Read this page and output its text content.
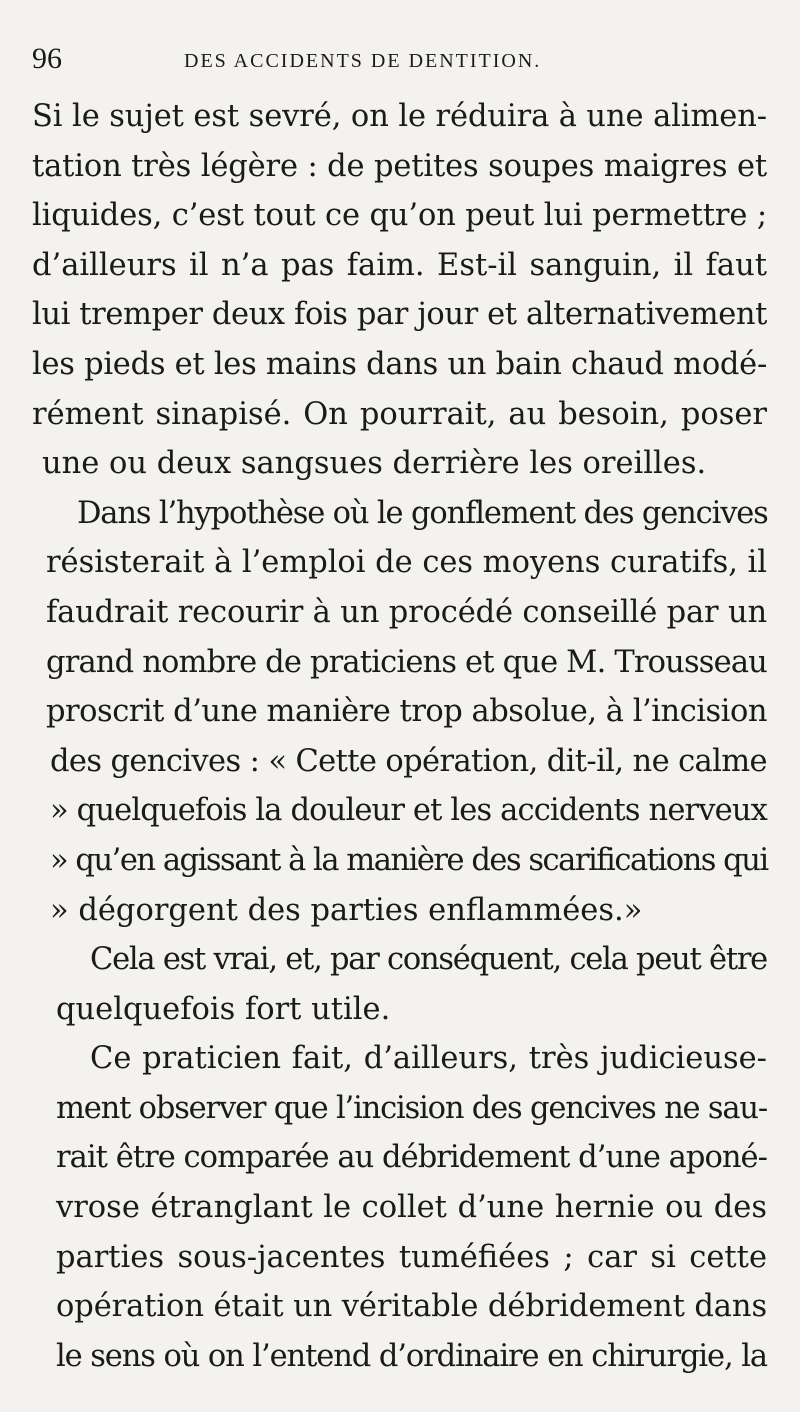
96	DES ACCIDENTS DE DENTITION.
Si le sujet est sevré, on le réduira à une alimen-
tation très légère : de petites soupes maigres et
liquides, c’est tout ce qu’on peut lui permettre ;
d’ailleurs il n’a pas faim. Est-il sanguin, il faut
lui tremper deux fois par jour et alternativement
les pieds et les mains dans un bain chaud modé-
rément sinapisé. On pourrait, au besoin, poser
une ou deux sangsues derrière les oreilles.
Dans l’hypothèse où le gonflement des gencives
résisterait à l’emploi de ces moyens curatifs, il
faudrait recourir à un procédé conseillé par un
grand nombre de praticiens et que M. Trousseau
proscrit d’une manière trop absolue, à l’incision
des gencives : « Cette opération, dit-il, ne calme
» quelquefois la douleur et les accidents nerveux
» qu’en agissant à la manière des scarifications qui
» dégorgent des parties enflammées.»
Cela est vrai, et, par conséquent, cela peut être
quelquefois fort utile.
Ce praticien fait, d’ailleurs, très judicieuse-
ment observer que l’incision des gencives ne sau-
rait être comparée au débridement d’une aponé-
vrose étranglant le collet d’une hernie ou des
parties sous-jacentes tuméfiées ; car si cette
opération était un véritable débridement dans
le sens où on l’entend d’ordinaire en chirurgie, la
